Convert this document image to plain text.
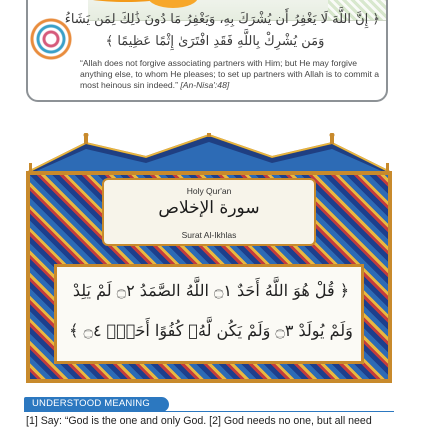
﴿ إِنَّ اللَّهَ لَا يَغْفِرُ أَن يُشْرَكَ بِهِ، وَيَغْفِرُ مَا دُونَ ذَٰلِكَ لِمَن يَشَاءُ
وَمَن يُشْرِكْ بِاللَّهِ فَقَدِ افْتَرَىٰ إِثْمًا عَظِيمًا ﴾
“Allah does not forgive associating partners with Him; but He may forgive anything else, to whom He pleases; to set up partners with Allah is to commit a most heinous sin indeed.” [An-Nisa':48]
Holy Qur'an
سورة الإخلاص
Surat Al-Ikhlas
﴿ قُلْ هُوَ اللَّهُ أَحَدٌ ۝١ اللَّهُ الصَّمَدُ ۝٢ لَمْ يَلِدْ
وَلَمْ يُولَدْ ۝٣ وَلَمْ يَكُن لَّهُۥ كُفُوًا أَحَدٌۢ ۝٤ ﴾
UNDERSTOOD MEANING
[1] Say: “God is the one and only God. [2] God needs no one, but all need
